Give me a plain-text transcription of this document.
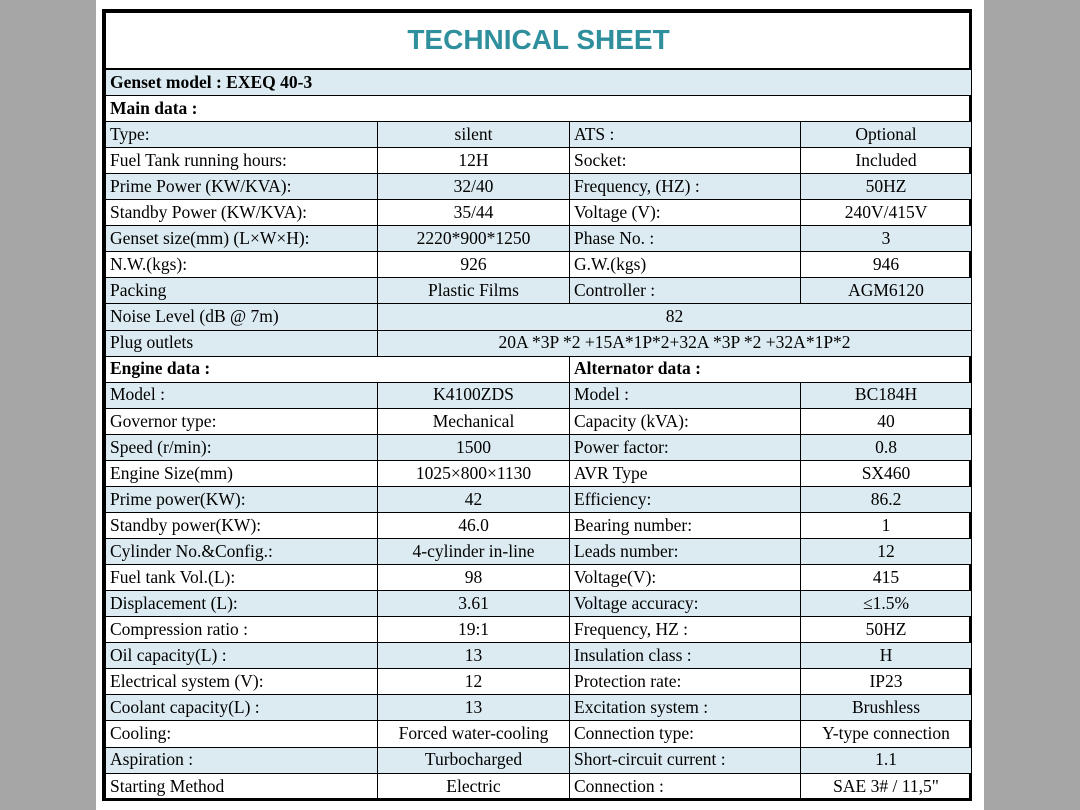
TECHNICAL SHEET			
Genset model : EXEQ 40-3			
Main data :			
Type:	silent	ATS :	Optional
Fuel Tank running hours:	12H	Socket:	Included
Prime Power (KW/KVA):	32/40	Frequency, (HZ) :	50HZ
Standby Power (KW/KVA):	35/44	Voltage (V):	240V/415V
Genset size(mm) (L×W×H):	2220*900*1250	Phase No. :	3
N.W.(kgs):	926	G.W.(kgs)	946
Packing	Plastic Films	Controller :	AGM6120
Noise Level (dB @ 7m)	82		
Plug outlets	20A *3P *2 +15A*1P*2+32A *3P *2 +32A*1P*2		
Engine data :		Alternator data :	
Model :	K4100ZDS	Model :	BC184H
Governor type:	Mechanical	Capacity (kVA):	40
Speed (r/min):	1500	Power factor:	0.8
Engine Size(mm)	1025×800×1130	AVR Type	SX460
Prime power(KW):	42	Efficiency:	86.2
Standby power(KW):	46.0	Bearing number:	1
Cylinder No.&Config.:	4-cylinder in-line	Leads number:	12
Fuel tank Vol.(L):	98	Voltage(V):	415
Displacement (L):	3.61	Voltage accuracy:	≤1.5%
Compression ratio :	19:1	Frequency, HZ :	50HZ
Oil capacity(L) :	13	Insulation class :	H
Electrical system (V):	12	Protection rate:	IP23
Coolant capacity(L) :	13	Excitation system :	Brushless
Cooling:	Forced water-cooling	Connection type:	Y-type connection
Aspiration :	Turbocharged	Short-circuit current :	1.1
Starting Method	Electric	Connection :	SAE 3# / 11,5"
